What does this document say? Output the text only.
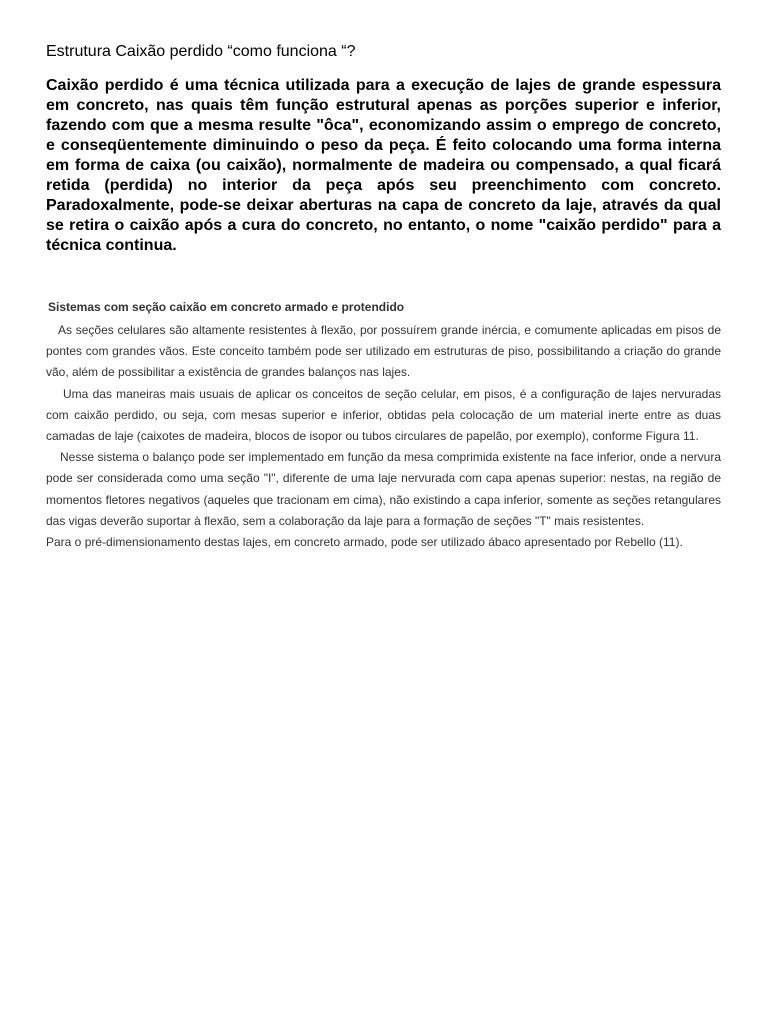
Estrutura Caixão perdido “como funciona “?

Caixão perdido é uma técnica utilizada para a execução de lajes de grande espessura em concreto, nas quais têm função estrutural apenas as porções superior e inferior, fazendo com que a mesma resulte "ôca", economizando assim o emprego de concreto, e conseqüentemente diminuindo o peso da peça. É feito colocando uma forma interna em forma de caixa (ou caixão), normalmente de madeira ou compensado, a qual ficará retida (perdida) no interior da peça após seu preenchimento com concreto. Paradoxalmente, pode-se deixar aberturas na capa de concreto da laje, através da qual se retira o caixão após a cura do concreto, no entanto, o nome "caixão perdido" para a técnica continua.

Sistemas com seção caixão em concreto armado e protendido

As seções celulares são altamente resistentes à flexão, por possuírem grande inércia, e comumente aplicadas em pisos de pontes com grandes vãos. Este conceito também pode ser utilizado em estruturas de piso, possibilitando a criação do grande vão, além de possibilitar a existência de grandes balanços nas lajes.

Uma das maneiras mais usuais de aplicar os conceitos de seção celular, em pisos, é a configuração de lajes nervuradas com caixão perdido, ou seja, com mesas superior e inferior, obtidas pela colocação de um material inerte entre as duas camadas de laje (caixotes de madeira, blocos de isopor ou tubos circulares de papelão, por exemplo), conforme Figura 11.

Nesse sistema o balanço pode ser implementado em função da mesa comprimida existente na face inferior, onde a nervura pode ser considerada como uma seção "I", diferente de uma laje nervurada com capa apenas superior: nestas, na região de momentos fletores negativos (aqueles que tracionam em cima), não existindo a capa inferior, somente as seções retangulares das vigas deverão suportar à flexão, sem a colaboração da laje para a formação de seções "T" mais resistentes.

Para o pré-dimensionamento destas lajes, em concreto armado, pode ser utilizado ábaco apresentado por Rebello (11).
